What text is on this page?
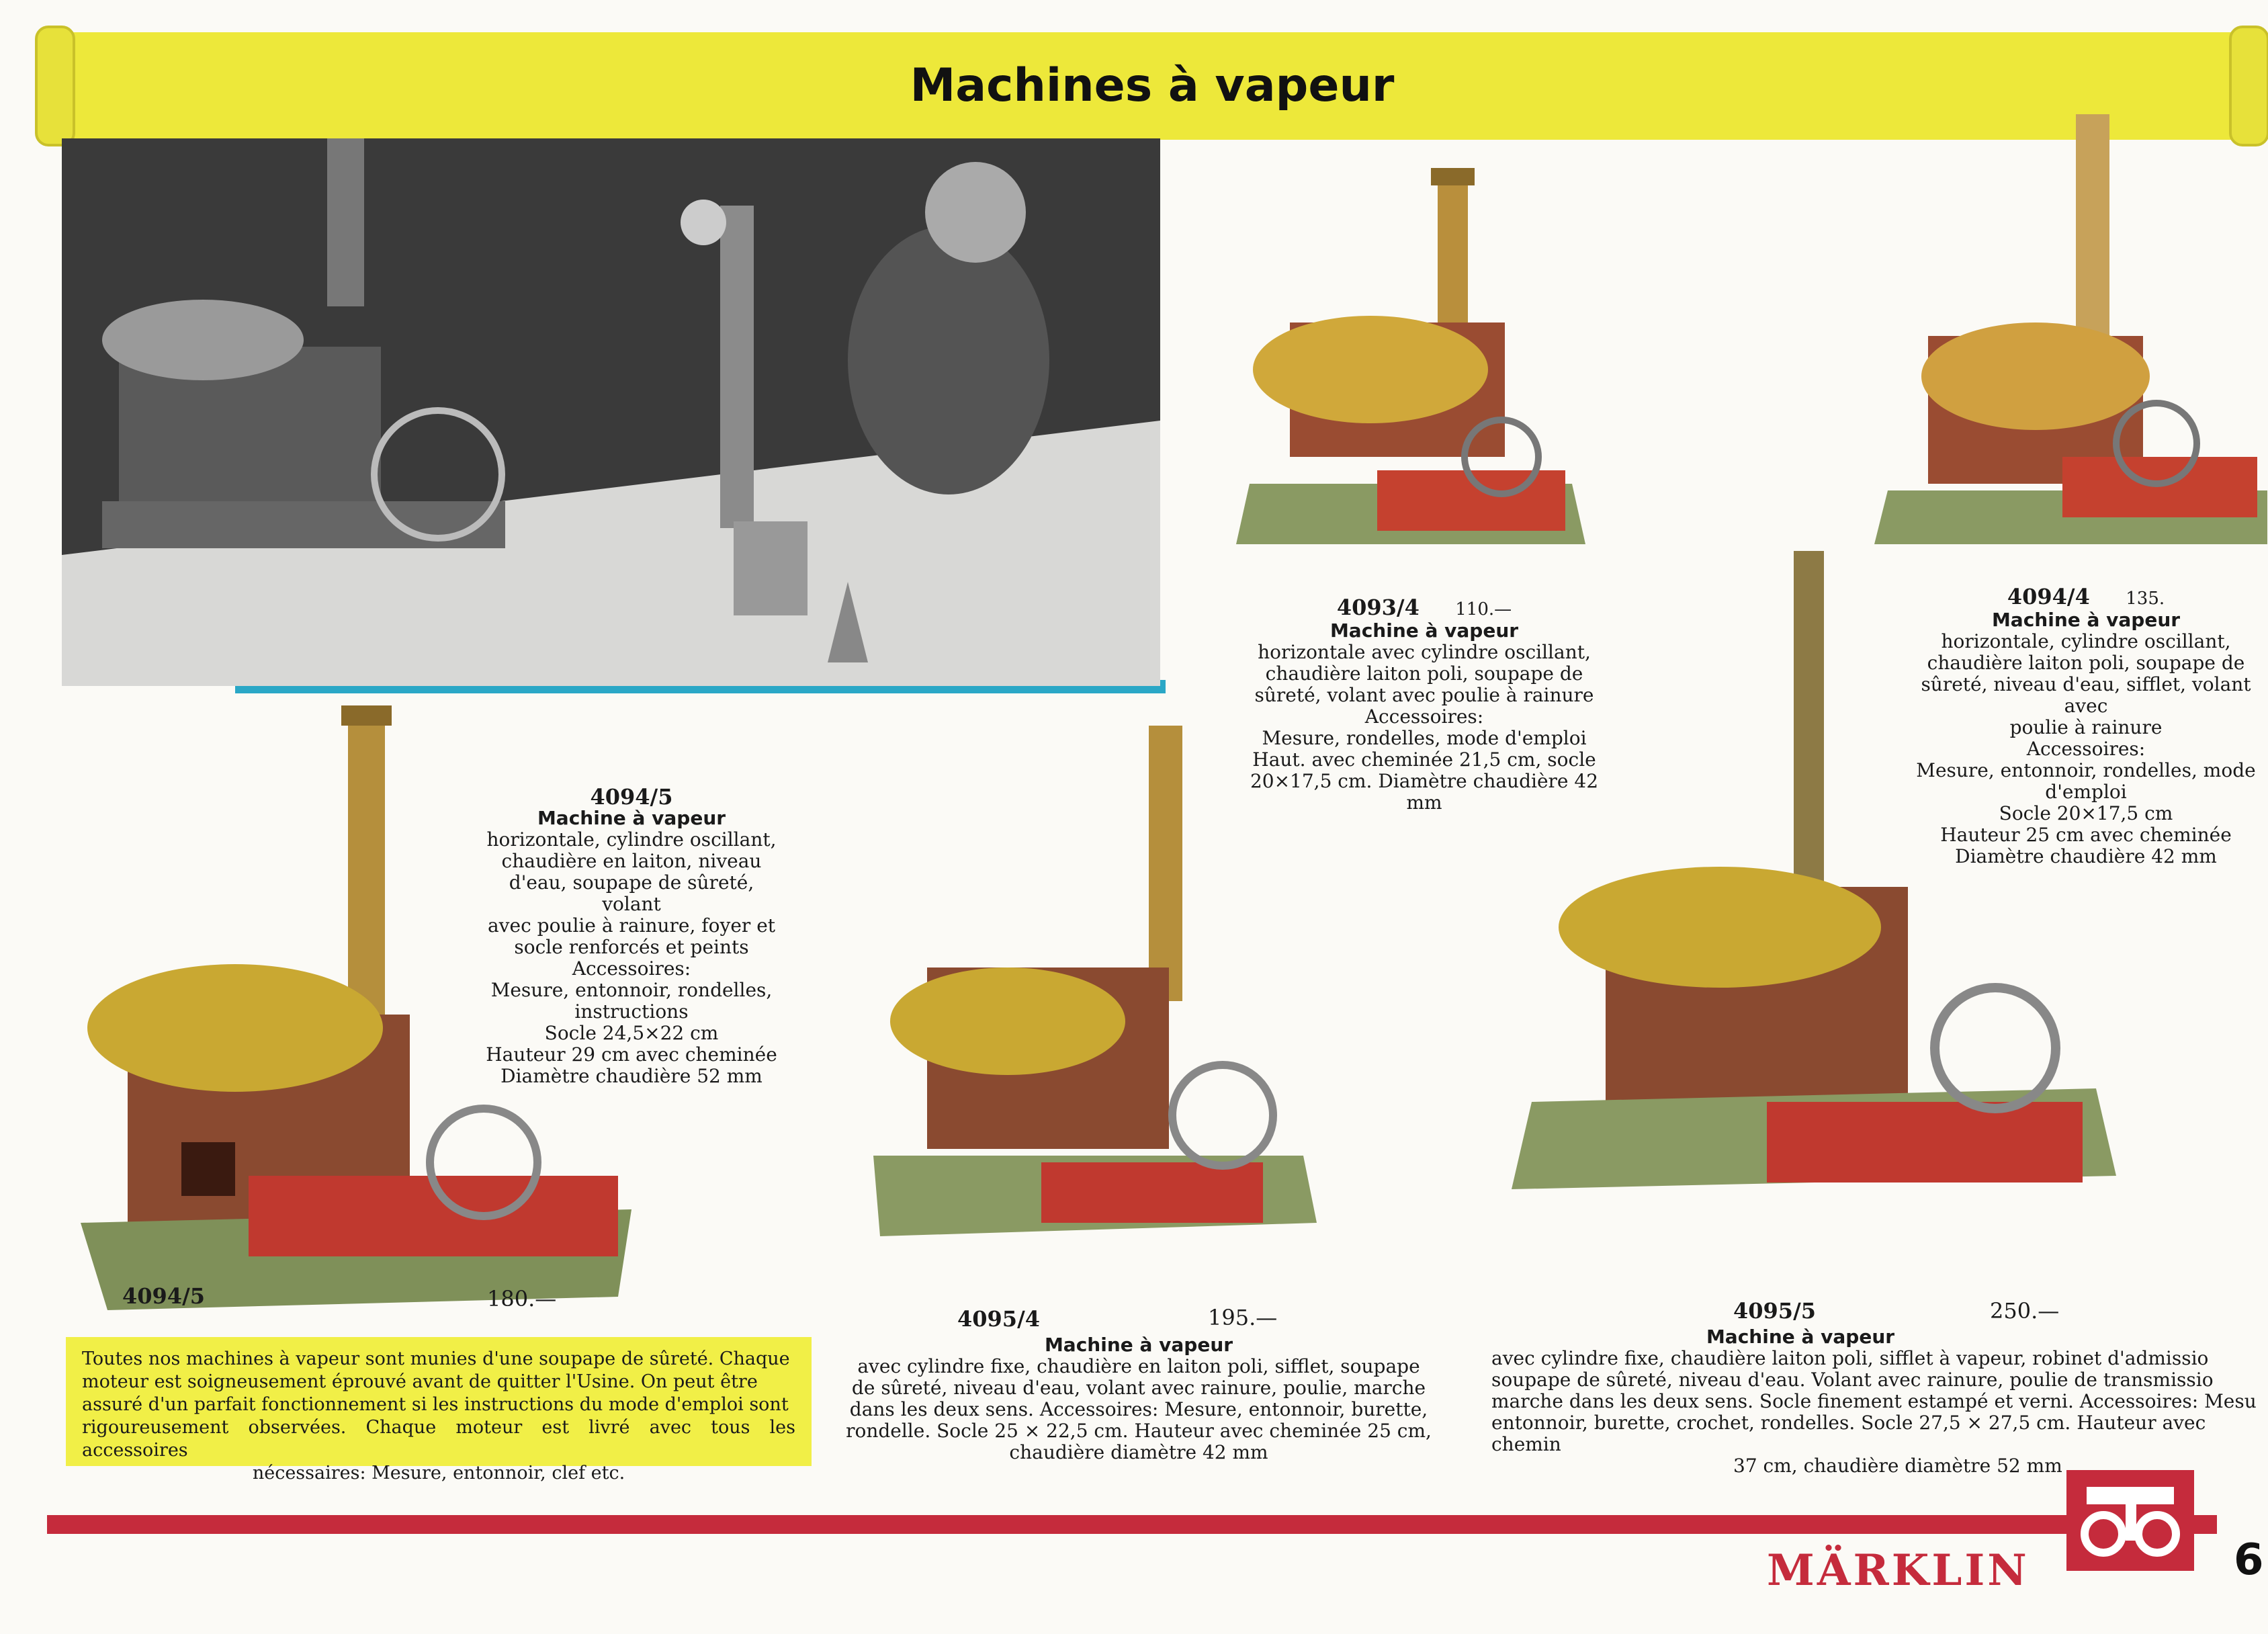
Machines à vapeur
4093/4 110.—
Machine à vapeur
horizontale avec cylindre oscillant,
chaudière laiton poli, soupape de
sûreté, volant avec poulie à rainure
Accessoires:
Mesure, rondelles, mode d'emploi
Haut. avec cheminée 21,5 cm, socle
20×17,5 cm. Diamètre chaudière 42 mm
4094/4 135.
Machine à vapeur
horizontale, cylindre oscillant,
chaudière laiton poli, soupape de
sûreté, niveau d'eau, sifflet, volant avec
poulie à rainure
Accessoires:
Mesure, entonnoir, rondelles, mode
d'emploi
Socle 20×17,5 cm
Hauteur 25 cm avec cheminée
Diamètre chaudière 42 mm
4094/5
Machine à vapeur
horizontale, cylindre oscillant,
chaudière en laiton, niveau
d'eau, soupape de sûreté, volant
avec poulie à rainure, foyer et
socle renforcés et peints
Accessoires:
Mesure, entonnoir, rondelles,
instructions
Socle 24,5×22 cm
Hauteur 29 cm avec cheminée
Diamètre chaudière 52 mm
4094/5	180.—
4095/4	195.—
Machine à vapeur
avec cylindre fixe, chaudière en laiton poli, sifflet, soupape
de sûreté, niveau d'eau, volant avec rainure, poulie, marche
dans les deux sens. Accessoires: Mesure, entonnoir, burette,
rondelle. Socle 25 × 22,5 cm. Hauteur avec cheminée 25 cm,
chaudière diamètre 42 mm
4095/5	250.—
Machine à vapeur
avec cylindre fixe, chaudière laiton poli, sifflet à vapeur, robinet d'admissio
soupape de sûreté, niveau d'eau. Volant avec rainure, poulie de transmissio
marche dans les deux sens. Socle finement estampé et verni. Accessoires: Mesu
entonnoir, burette, crochet, rondelles. Socle 27,5 × 27,5 cm. Hauteur avec chemin
37 cm, chaudière diamètre 52 mm
Toutes nos machines à vapeur sont munies d'une soupape de sûreté. Chaque
moteur est soigneusement éprouvé avant de quitter l'Usine. On peut être
assuré d'un parfait fonctionnement si les instructions du mode d'emploi sont
rigoureusement observées. Chaque moteur est livré avec tous les accessoires
nécessaires: Mesure, entonnoir, clef etc.
MÄRKLIN	6
